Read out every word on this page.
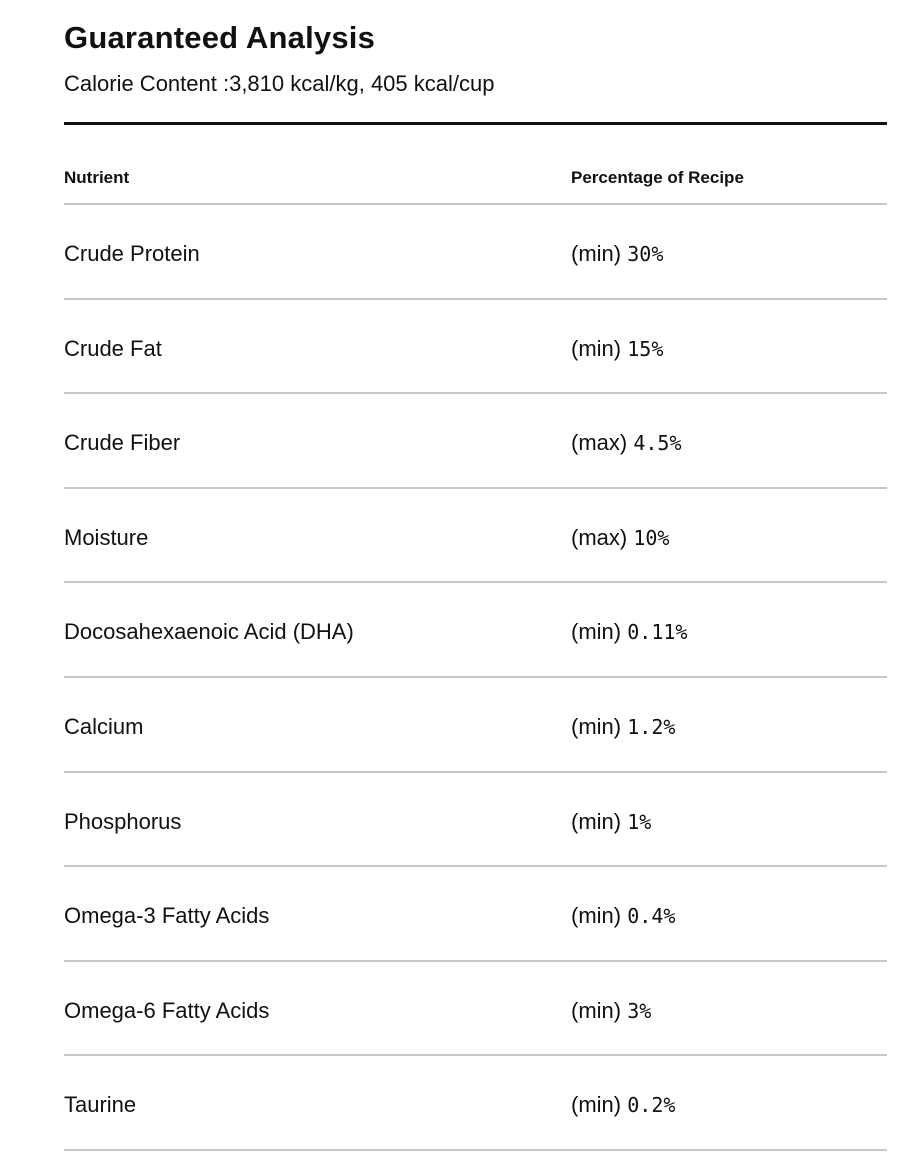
Guaranteed Analysis
Calorie Content :3,810 kcal/kg, 405 kcal/cup
Nutrient	Percentage of Recipe
Crude Protein	(min) 30%
Crude Fat	(min) 15%
Crude Fiber	(max) 4.5%
Moisture	(max) 10%
Docosahexaenoic Acid (DHA)	(min) 0.11%
Calcium	(min) 1.2%
Phosphorus	(min) 1%
Omega-3 Fatty Acids	(min) 0.4%
Omega-6 Fatty Acids	(min) 3%
Taurine	(min) 0.2%
